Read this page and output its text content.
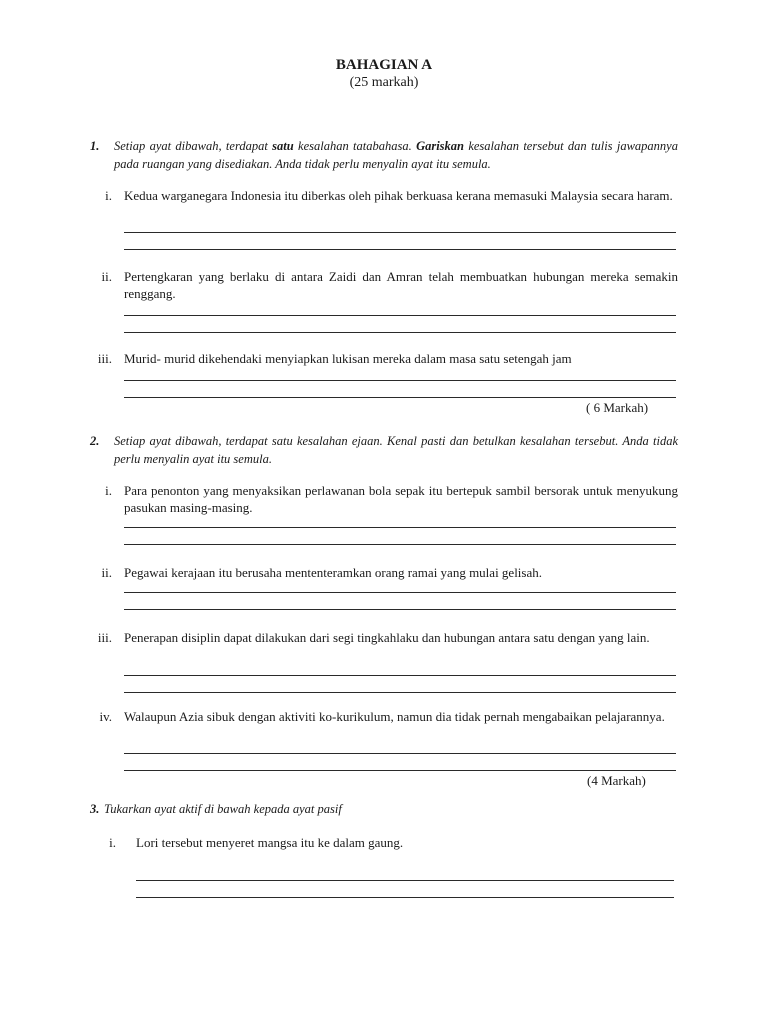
BAHAGIAN A
(25 markah)
1.	Setiap ayat dibawah, terdapat satu kesalahan tatabahasa. Gariskan kesalahan tersebut dan tulis jawapannya pada ruangan yang disediakan. Anda tidak perlu menyalin ayat itu semula.
i. Kedua warganegara Indonesia itu diberkas oleh pihak berkuasa kerana memasuki Malaysia secara haram.
ii. Pertengkaran yang berlaku di antara Zaidi dan Amran telah membuatkan hubungan mereka semakin renggang.
iii. Murid- murid dikehendaki menyiapkan lukisan mereka dalam masa satu setengah jam
( 6 Markah)
2.	Setiap ayat dibawah, terdapat satu kesalahan ejaan. Kenal pasti dan betulkan kesalahan tersebut. Anda tidak perlu menyalin ayat itu semula.
i. Para penonton yang menyaksikan perlawanan bola sepak itu bertepuk sambil bersorak untuk menyukung pasukan masing-masing.
ii. Pegawai kerajaan itu berusaha mententeramkan orang ramai yang mulai gelisah.
iii. Penerapan disiplin dapat dilakukan dari segi tingkahlaku dan hubungan antara satu dengan yang lain.
iv. Walaupun Azia sibuk dengan aktiviti ko-kurikulum, namun dia tidak pernah mengabaikan pelajarannya.
(4 Markah)
3. Tukarkan ayat aktif di bawah kepada ayat pasif
i. Lori tersebut menyeret mangsa itu ke dalam gaung.
